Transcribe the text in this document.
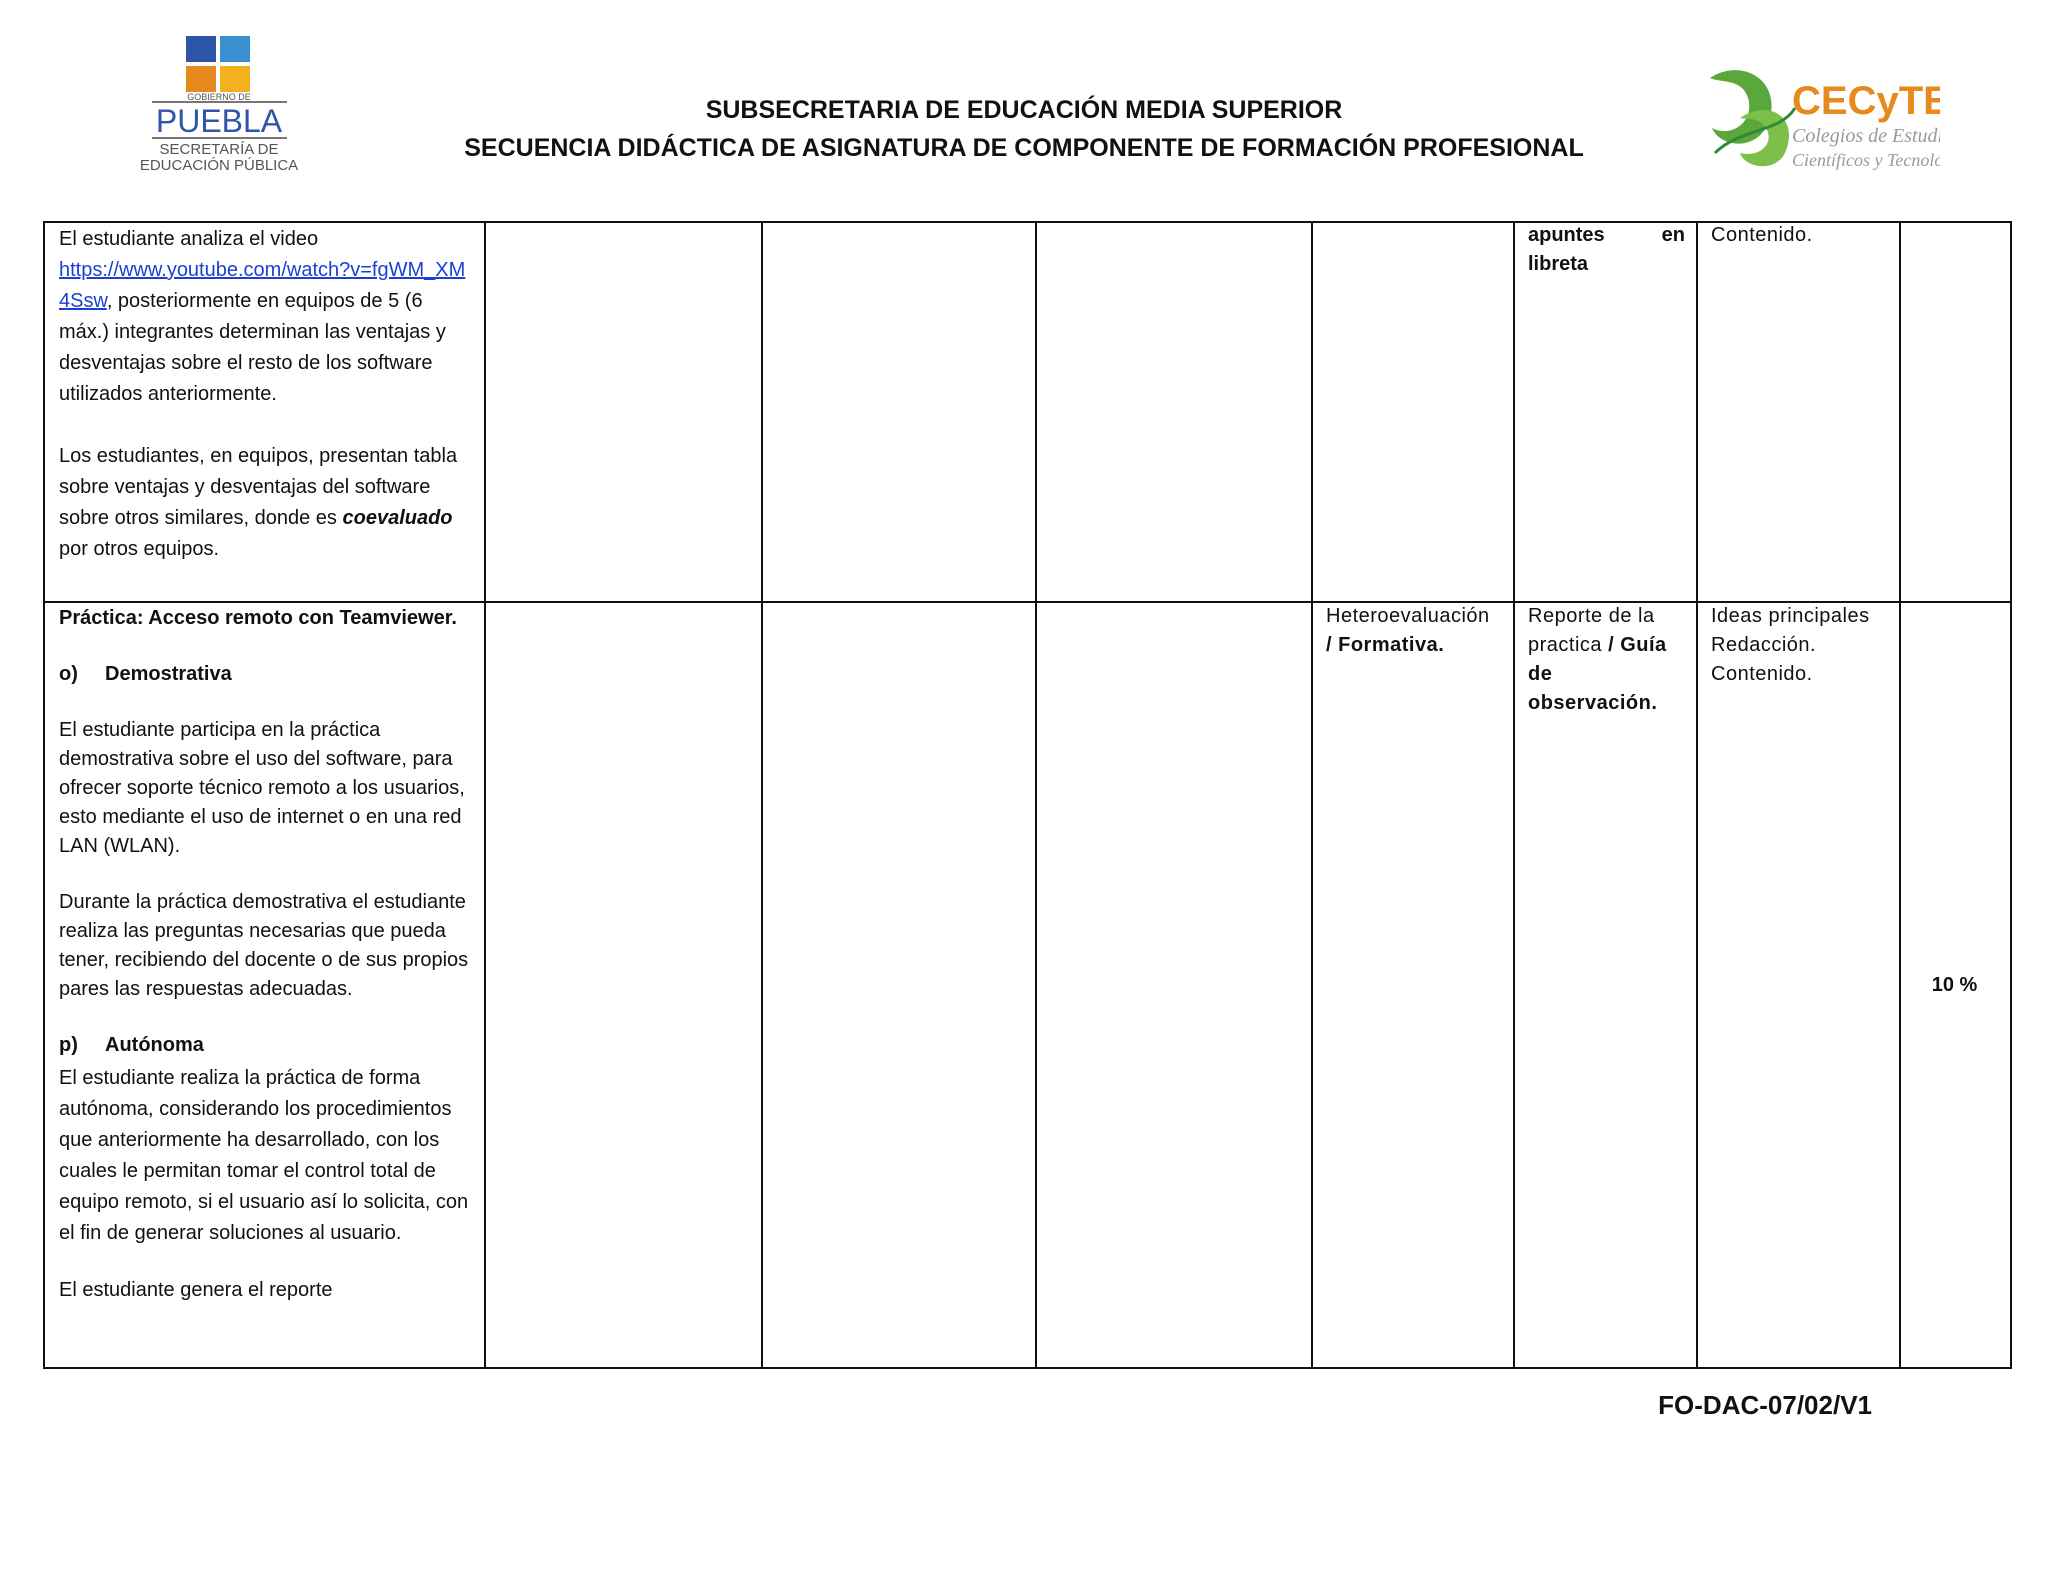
GOBIERNO DE
PUEBLA
SECRETARÍA DE
EDUCACIÓN PÚBLICA
CECyTE
Colegios de Estudi
Científicos y Tecnológ
SUBSECRETARIA DE EDUCACIÓN MEDIA SUPERIOR
SECUENCIA DIDÁCTICA DE ASIGNATURA DE COMPONENTE DE FORMACIÓN PROFESIONAL

El estudiante analiza el video
https://www.youtube.com/watch?v=fgWM_XM4Ssw, posteriormente en equipos de 5 (6 máx.) integrantes determinan las ventajas y desventajas sobre el resto de los software utilizados anteriormente.

Los estudiantes, en equipos, presentan tabla sobre ventajas y desventajas del software sobre otros similares, donde es coevaluado por otros equipos.

apuntes	en
libreta
Contenido.

Práctica: Acceso remoto con Teamviewer.

o) Demostrativa

El estudiante participa en la práctica demostrativa sobre el uso del software, para ofrecer soporte técnico remoto a los usuarios, esto mediante el uso de internet o en una red LAN (WLAN).

Durante la práctica demostrativa el estudiante realiza las preguntas necesarias que pueda tener, recibiendo del docente o de sus propios pares las respuestas adecuadas.

p) Autónoma

El estudiante realiza la práctica de forma autónoma, considerando los procedimientos que anteriormente ha desarrollado, con los cuales le permitan tomar el control total de equipo remoto, si el usuario así lo solicita, con el fin de generar soluciones al usuario.

El estudiante genera el reporte

Heteroevaluación
/ Formativa.
Reporte de la practica / Guía de observación.
Ideas principales
Redacción.
Contenido.
10 %
FO-DAC-07/02/V1
